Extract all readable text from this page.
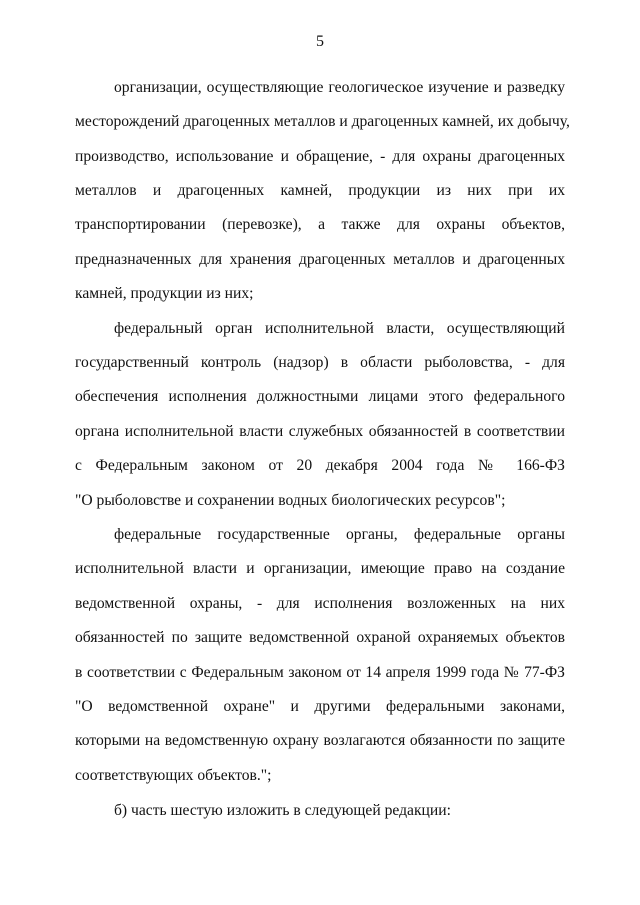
5
организации, осуществляющие геологическое изучение и разведку
месторождений драгоценных металлов и драгоценных камней, их добычу,
производство, использование и обращение, - для охраны драгоценных
металлов и драгоценных камней, продукции из них при их
транспортировании (перевозке), а также для охраны объектов,
предназначенных для хранения драгоценных металлов и драгоценных
камней, продукции из них;
федеральный орган исполнительной власти, осуществляющий
государственный контроль (надзор) в области рыболовства, - для
обеспечения исполнения должностными лицами этого федерального
органа исполнительной власти служебных обязанностей в соответствии
с Федеральным законом от 20 декабря 2004 года № 166-ФЗ
"О рыболовстве и сохранении водных биологических ресурсов";
федеральные государственные органы, федеральные органы
исполнительной власти и организации, имеющие право на создание
ведомственной охраны, - для исполнения возложенных на них
обязанностей по защите ведомственной охраной охраняемых объектов
в соответствии с Федеральным законом от 14 апреля 1999 года № 77-ФЗ
"О ведомственной охране" и другими федеральными законами,
которыми на ведомственную охрану возлагаются обязанности по защите
соответствующих объектов.";
б) часть шестую изложить в следующей редакции:
